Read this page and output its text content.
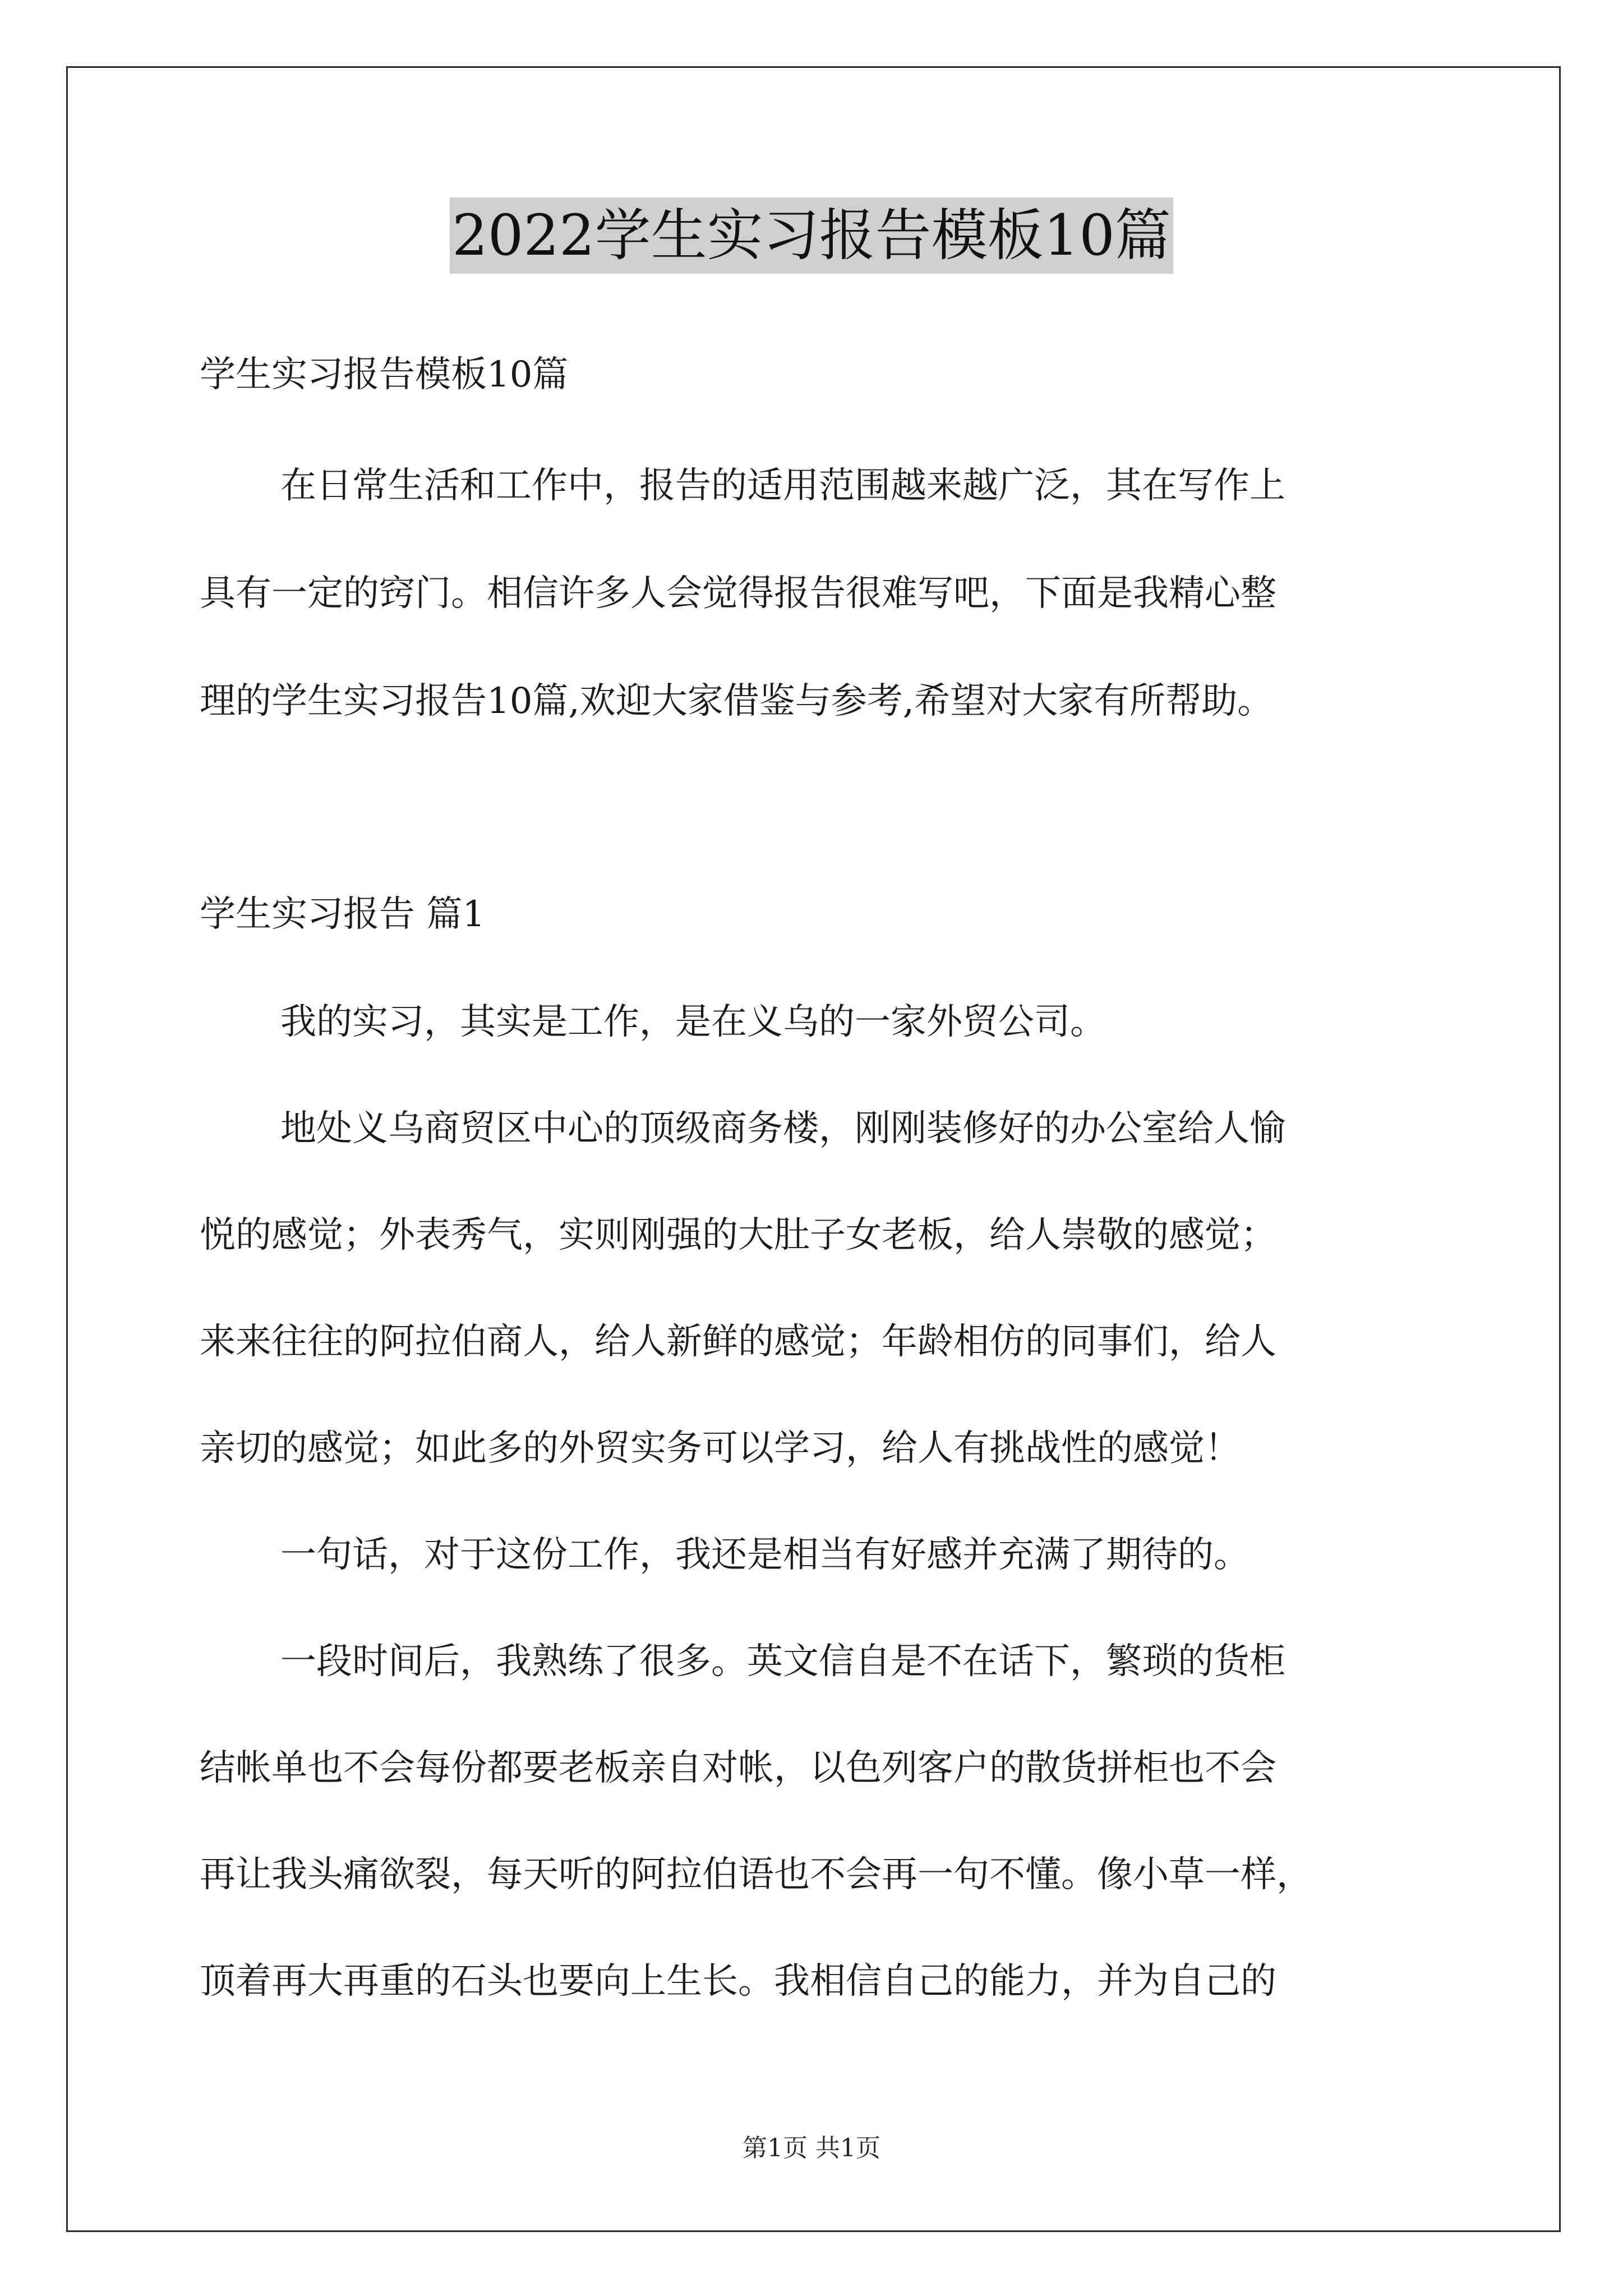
2022学生实习报告模板10篇
学生实习报告模板10篇
在日常生活和工作中，报告的适用范围越来越广泛，其在写作上
具有一定的窍门。相信许多人会觉得报告很难写吧，下面是我精心整
理的学生实习报告10篇,欢迎大家借鉴与参考,希望对大家有所帮助。
学生实习报告 篇1
我的实习，其实是工作，是在义乌的一家外贸公司。
地处义乌商贸区中心的顶级商务楼，刚刚装修好的办公室给人愉
悦的感觉；外表秀气，实则刚强的大肚子女老板，给人崇敬的感觉；
来来往往的阿拉伯商人，给人新鲜的感觉；年龄相仿的同事们，给人
亲切的感觉；如此多的外贸实务可以学习，给人有挑战性的感觉！
一句话，对于这份工作，我还是相当有好感并充满了期待的。
一段时间后，我熟练了很多。英文信自是不在话下，繁琐的货柜
结帐单也不会每份都要老板亲自对帐，以色列客户的散货拼柜也不会
再让我头痛欲裂，每天听的阿拉伯语也不会再一句不懂。像小草一样，
顶着再大再重的石头也要向上生长。我相信自己的能力，并为自己的
第1页 共1页
